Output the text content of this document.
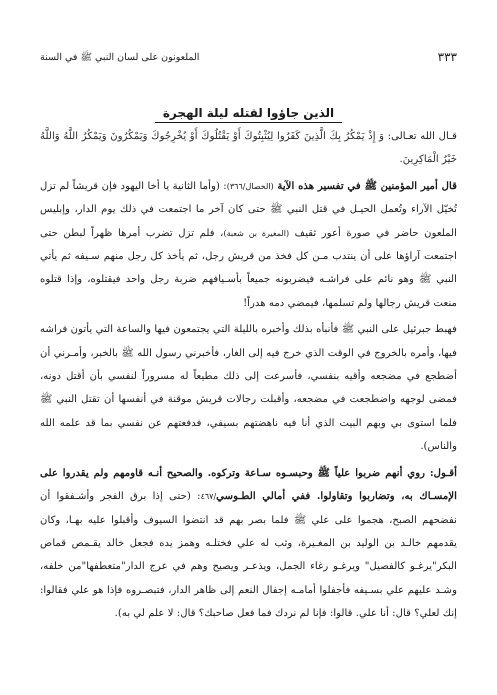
٣٣٣
الملعونون على لسان النبي ﷺ في السنة
الذين جاؤوا لقتله ليلة الهجرة

قـال الله تعـالى: وَ إِذْ يَمْكُرُ بِكَ الَّذِينَ كَفَرُوا لِيُثْبِتُوكَ أَوْ يَقْتُلُوكَ أَوْ يُخْرِجُوكَ وَيَمْكُرُونَ وَيَمْكُرُ اللَّهُ وَاللَّهُ خَيْرُ الْمَاكِرِينَ.

قال أمير المؤمنين ﷺ في تفسير هذه الآية (الخصال/٣٦٦): (وأما الثانية يا أخا اليهود فإن قريشاً لم تزل تُخيّل الآراء وتُعمل الحيـل في قتل النبي ﷺ حتى كان آخر ما اجتمعت في ذلك يوم الدار، وإبليس الملعون حاضر في صورة أعور ثقيف (المغيرة بن شعبة)، فلم تزل تضرب أمرها ظهراً لبطن حتى اجتمعت آراؤها على أن ينتدب مـن كل فخذ من قريش رجل، ثم يأخذ كل رجل منهم سـيفه ثم يأتي النبي ﷺ وهو نائم على فراشـه فيضربونه جميعاً بأسـيافهم ضربة رجل واحد فيقتلوه، وإذا قتلوه منعت قريش رجالها ولم تسلمها، فيمضي دمه هدراً!

فهبط جبرئيل على النبي ﷺ فأنبأه بذلك وأخبره بالليلة التي يجتمعون فيها والساعة التي يأتون فراشه فيها، وأمره بالخروج في الوقت الذي خرج فيه إلى الغار، فأخبرني رسول الله ﷺ بالخبر، وأمـرني أن أضطجع في مضجعه وأقيه بنفسي، فأسرعت إلى ذلك مطيعاً له مسروراً لنفسي بأن أقتل دونه، فمضى لوجهه واضطجعت في مضجعه، وأقبلت رجالات قريش موقنة في أنفسها أن تقتل النبي ﷺ فلما استوى بي وبهم البيت الذي أنا فيه ناهضتهم بسيفي، فدفعتهم عن نفسي بما قد علمه الله والناس).

أقـول: روي أنهم ضربوا علياً ﷺ وحبسـوه سـاعة وتركوه. والصحيح أنـه قاومهم ولم يقدروا على الإمسـاك به، وتضاربوا وتقاولوا. ففي أمالي الطـوسي/٤٦٧: (حتى إذا برق الفجر وأشـفقوا أن نفضحهم الصبح، هجموا على علي ﷺ فلما بصر بهم قد انتضوا السيوف وأقبلوا عليه بهـا، وكان يقدمهم خالـد بن الوليد بن المغـيرة، وثب له علي فختلـه وهمز يده فجعل خالد يقـمص قماص البكر"يرغـو كالفصيل" ويرغـو رغاء الجمل، ويذعـر ويصيح وهم في عرج الدار"متعطفها"من خلفه، وشـد عليهم علي بسـيفه فأجفلوا أمامـه إجفال النعم إلى ظاهر الدار، فتبصـروه فإذا هو علي فقالوا: إنك لعلي؟ قال: أنا علي. قالوا: فإنا لم نردك فما فعل صاحبك؟ قال: لا علم لي به).
